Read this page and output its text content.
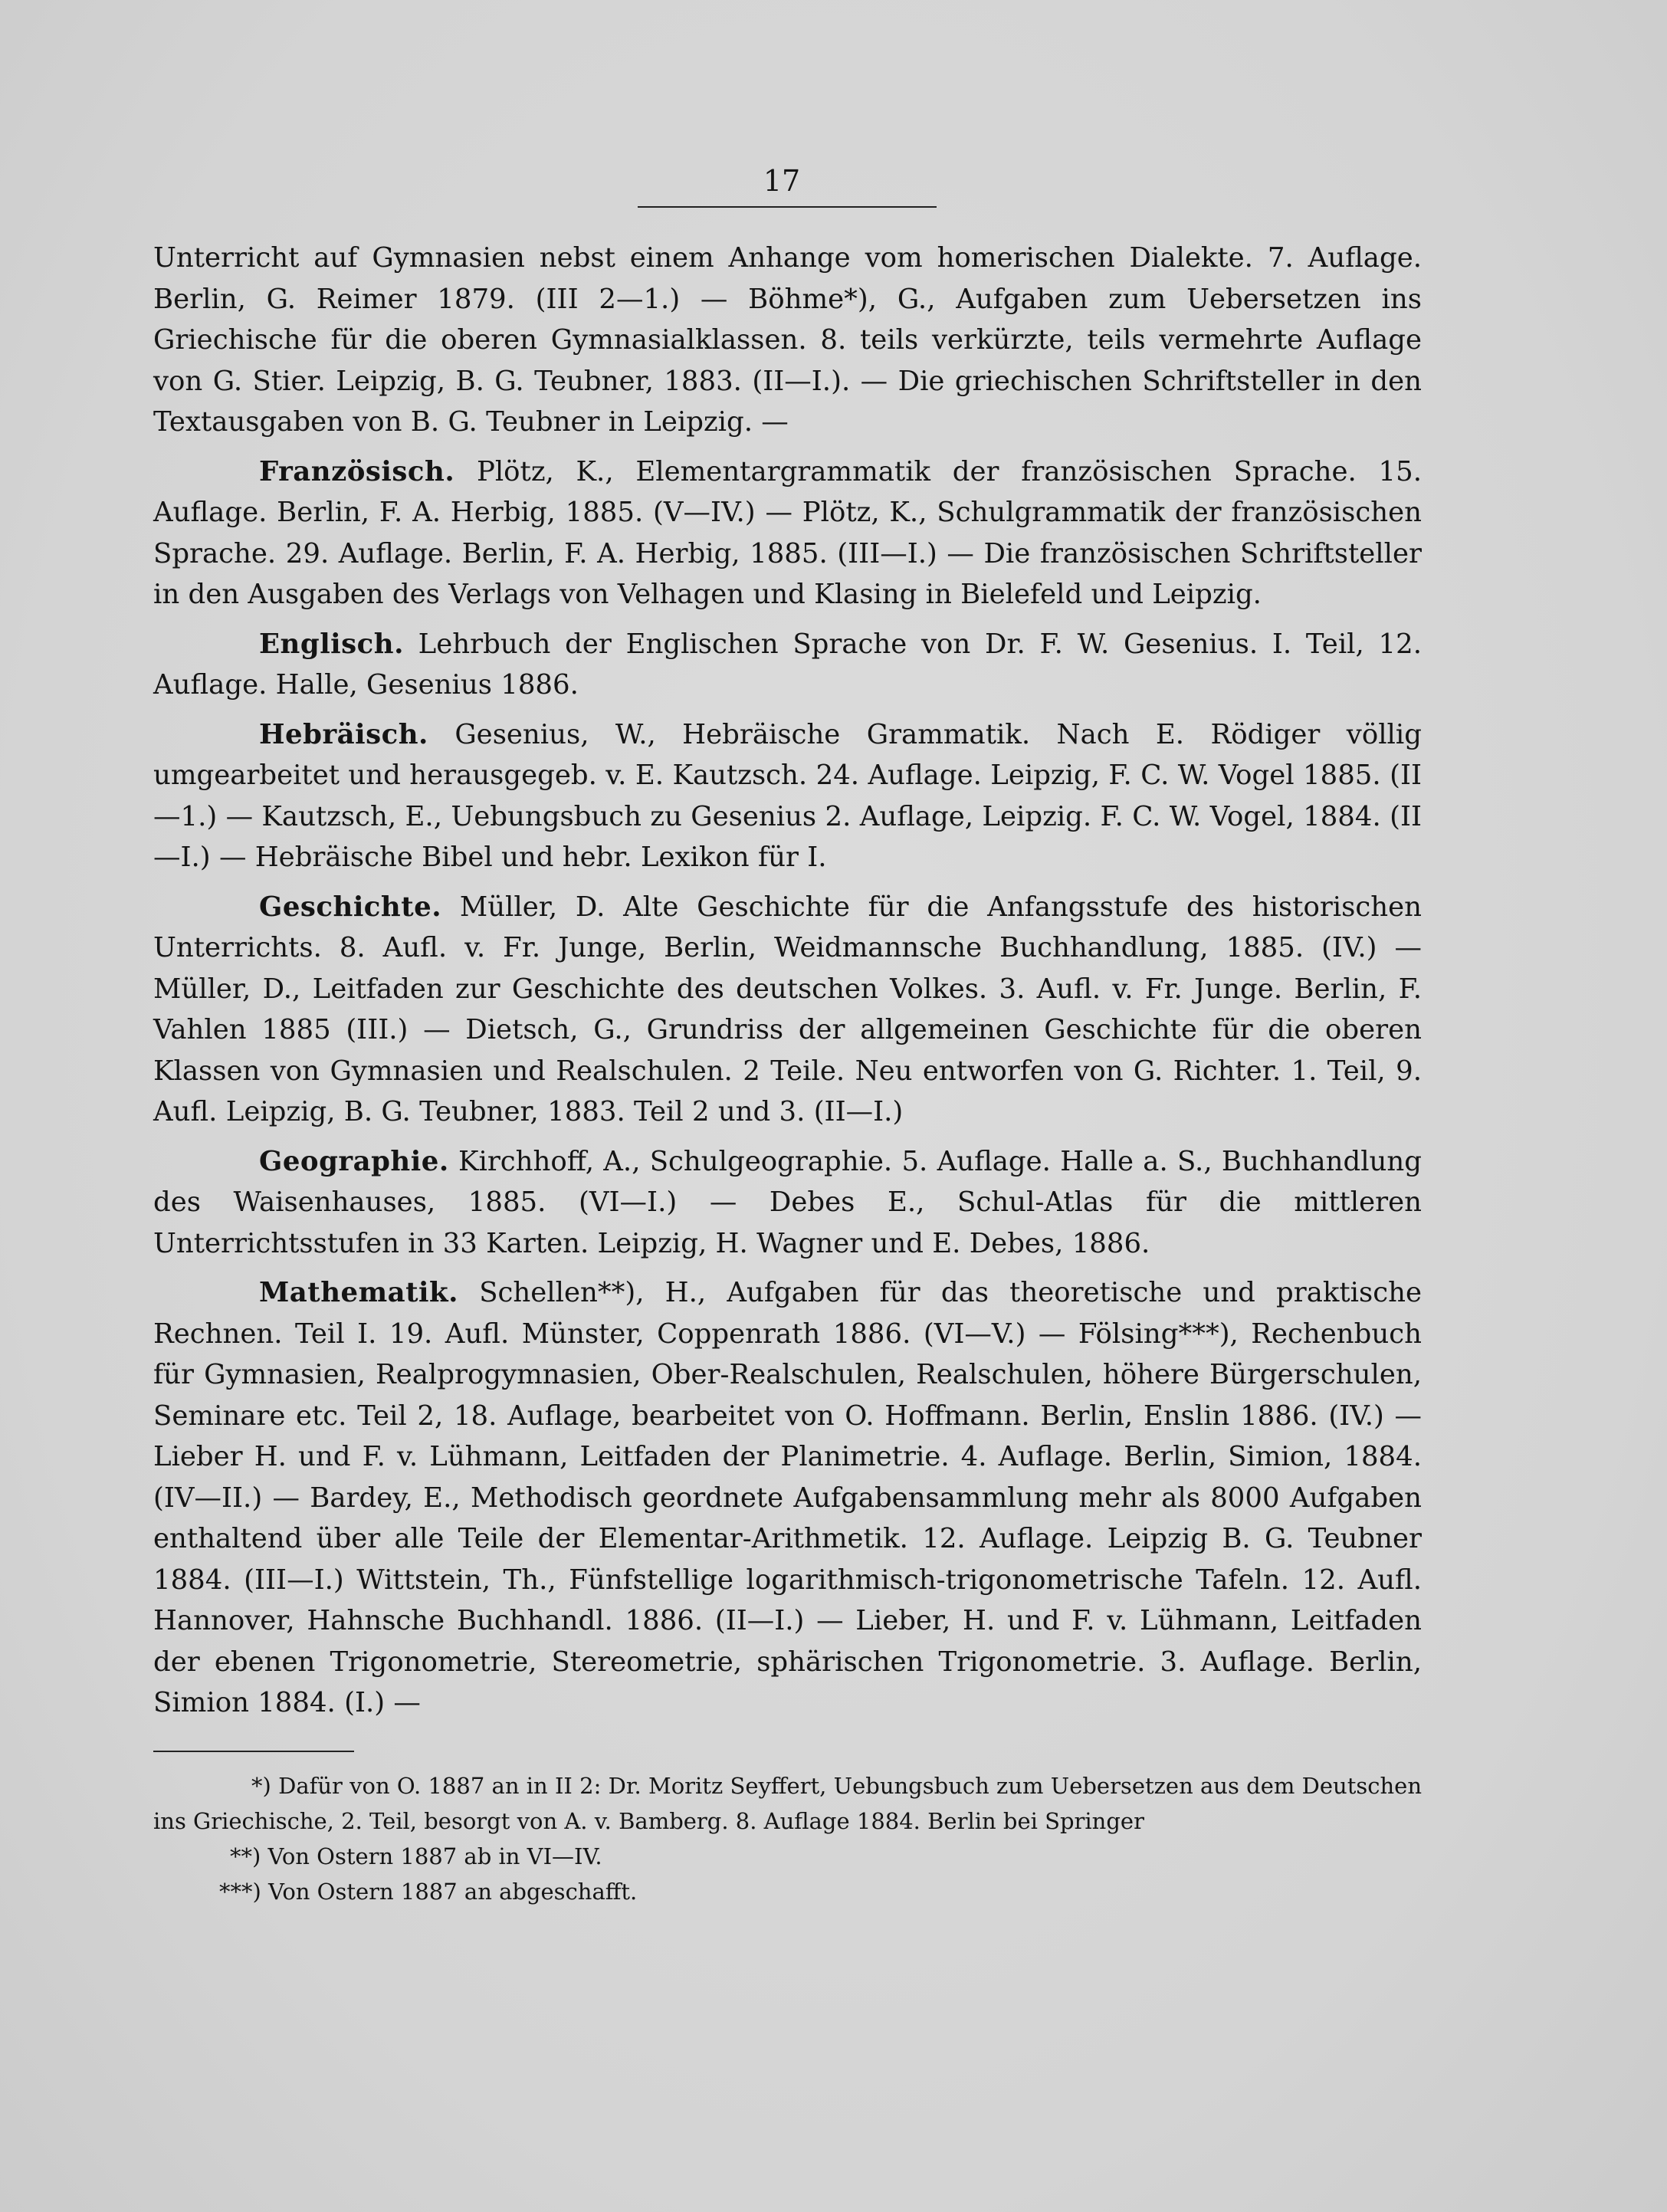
17

Unterricht auf Gymnasien nebst einem Anhange vom homerischen Dialekte. 7. Auflage. Berlin, G. Reimer 1879. (III 2—1.) — Böhme*), G., Aufgaben zum Uebersetzen ins Griechische für die oberen Gymnasialklassen. 8. teils verkürzte, teils vermehrte Auflage von G. Stier. Leipzig, B. G. Teubner, 1883. (II—I.). — Die griechischen Schriftsteller in den Textausgaben von B. G. Teubner in Leipzig. —

Französisch. Plötz, K., Elementargrammatik der französischen Sprache. 15. Auflage. Berlin, F. A. Herbig, 1885. (V—IV.) — Plötz, K., Schulgrammatik der französischen Sprache. 29. Auflage. Berlin, F. A. Herbig, 1885. (III—I.) — Die französischen Schriftsteller in den Ausgaben des Verlags von Velhagen und Klasing in Bielefeld und Leipzig.

Englisch. Lehrbuch der Englischen Sprache von Dr. F. W. Gesenius. I. Teil, 12. Auflage. Halle, Gesenius 1886.

Hebräisch. Gesenius, W., Hebräische Grammatik. Nach E. Rödiger völlig umgearbeitet und herausgegeb. v. E. Kautzsch. 24. Auflage. Leipzig, F. C. W. Vogel 1885. (II—1.) — Kautzsch, E., Uebungsbuch zu Gesenius 2. Auflage, Leipzig. F. C. W. Vogel, 1884. (II—I.) — Hebräische Bibel und hebr. Lexikon für I.

Geschichte. Müller, D. Alte Geschichte für die Anfangsstufe des historischen Unterrichts. 8. Aufl. v. Fr. Junge, Berlin, Weidmannsche Buchhandlung, 1885. (IV.) — Müller, D., Leitfaden zur Geschichte des deutschen Volkes. 3. Aufl. v. Fr. Junge. Berlin, F. Vahlen 1885 (III.) — Dietsch, G., Grundriss der allgemeinen Geschichte für die oberen Klassen von Gymnasien und Realschulen. 2 Teile. Neu entworfen von G. Richter. 1. Teil, 9. Aufl. Leipzig, B. G. Teubner, 1883. Teil 2 und 3. (II—I.)

Geographie. Kirchhoff, A., Schulgeographie. 5. Auflage. Halle a. S., Buchhandlung des Waisenhauses, 1885. (VI—I.) — Debes E., Schul-Atlas für die mittleren Unterrichtsstufen in 33 Karten. Leipzig, H. Wagner und E. Debes, 1886.

Mathematik. Schellen**), H., Aufgaben für das theoretische und praktische Rechnen. Teil I. 19. Aufl. Münster, Coppenrath 1886. (VI—V.) — Fölsing***), Rechenbuch für Gymnasien, Realprogymnasien, Ober-Realschulen, Realschulen, höhere Bürgerschulen, Seminare etc. Teil 2, 18. Auflage, bearbeitet von O. Hoffmann. Berlin, Enslin 1886. (IV.) — Lieber H. und F. v. Lühmann, Leitfaden der Planimetrie. 4. Auflage. Berlin, Simion, 1884. (IV—II.) — Bardey, E., Methodisch geordnete Aufgabensammlung mehr als 8000 Aufgaben enthaltend über alle Teile der Elementar-Arithmetik. 12. Auflage. Leipzig B. G. Teubner 1884. (III—I.) Wittstein, Th., Fünfstellige logarithmisch-trigonometrische Tafeln. 12. Aufl. Hannover, Hahnsche Buchhandl. 1886. (II—I.) — Lieber, H. und F. v. Lühmann, Leitfaden der ebenen Trigonometrie, Stereometrie, sphärischen Trigonometrie. 3. Auflage. Berlin, Simion 1884. (I.) —

*) Dafür von O. 1887 an in II 2: Dr. Moritz Seyffert, Uebungsbuch zum Uebersetzen aus dem Deutschen ins Griechische, 2. Teil, besorgt von A. v. Bamberg. 8. Auflage 1884. Berlin bei Springer

**) Von Ostern 1887 ab in VI—IV.

***) Von Ostern 1887 an abgeschafft.
